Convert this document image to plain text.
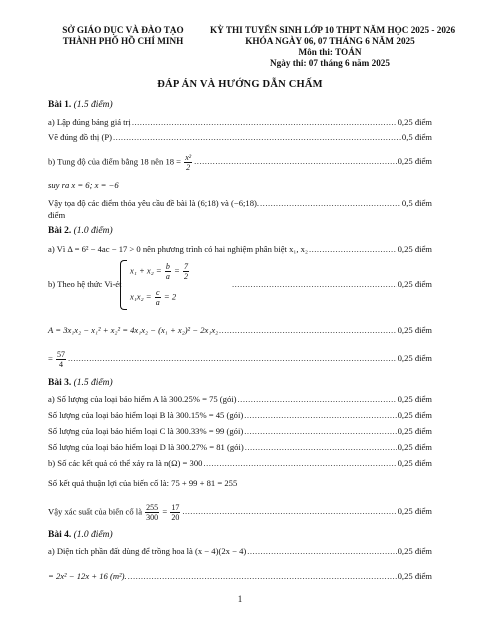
SỞ GIÁO DỤC VÀ ĐÀO TẠO
THÀNH PHỐ HỒ CHÍ MINH
KỲ THI TUYỂN SINH LỚP 10 THPT NĂM HỌC 2025 - 2026
KHÓA NGÀY 06, 07 THÁNG 6 NĂM 2025
Môn thi: TOÁN
Ngày thi: 07 tháng 6 năm 2025
ĐÁP ÁN VÀ HƯỚNG DẪN CHẤM
Bài 1. (1.5 điểm)
a) Lập đúng bảng giá trị .....	0,25 điểm
Vẽ đúng đồ thị (P) .....	0,5 điểm
b) Tung độ của điểm bằng 18 nên $18 = \frac{\text{x²}}{2}$ .....	0,25 điểm
suy ra x = 6; x = −6
Vậy tọa độ các điểm thỏa yêu cầu đề bài là (6;18) và (−6;18). .....	0,5 điểm
điểm
Bài 2. (1.0 điểm)
a) Vì Δ = 6² − 4ac − 17 > 0 nên phương trình có hai nghiệm phân biệt x₁, x₂ .....	0,25 điểm
b) Theo hệ thức Vi-ét .....	0,25 điểm
$x_1 + x_2 = \frac{b}{a} = \frac{7}{2}$
$x_1x_2 = \frac{c}{a} = 2$
A = 3x₁x₂ − x₁² + x₂² = 4x₁x₂ − (x₁ + x₂)² − 2x₁x₂ .....	0,25 điểm
= $\frac{57}{4}$ .....	0,25 điểm
Bài 3. (1.5 điểm)
a) Số lượng của loại bảo hiểm A là 300.25% = 75 (gói) .....	0,25 điểm
Số lượng của loại bảo hiểm loại B là 300.15% = 45 (gói) .....	0,25 điểm
Số lượng của loại bảo hiểm loại C là 300.33% = 99 (gói) .....	0,25 điểm
Số lượng của loại bảo hiểm loại D là 300.27% = 81 (gói) .....	0,25 điểm
b) Số các kết quả có thể xảy ra là n(Ω) = 300 .....	0,25 điểm
Số kết quả thuận lợi của biến cố là: 75 + 99 + 81 = 255
Vậy xác suất của biến cố là $\frac{255}{300} = \frac{17}{20}$ .....	0,25 điểm
Bài 4. (1.0 điểm)
a) Diện tích phần đất dùng để trồng hoa là (x − 4)(2x − 4) .....	0,25 điểm
= 2x² − 12x + 16 (m²). .....	0,25 điểm
1
